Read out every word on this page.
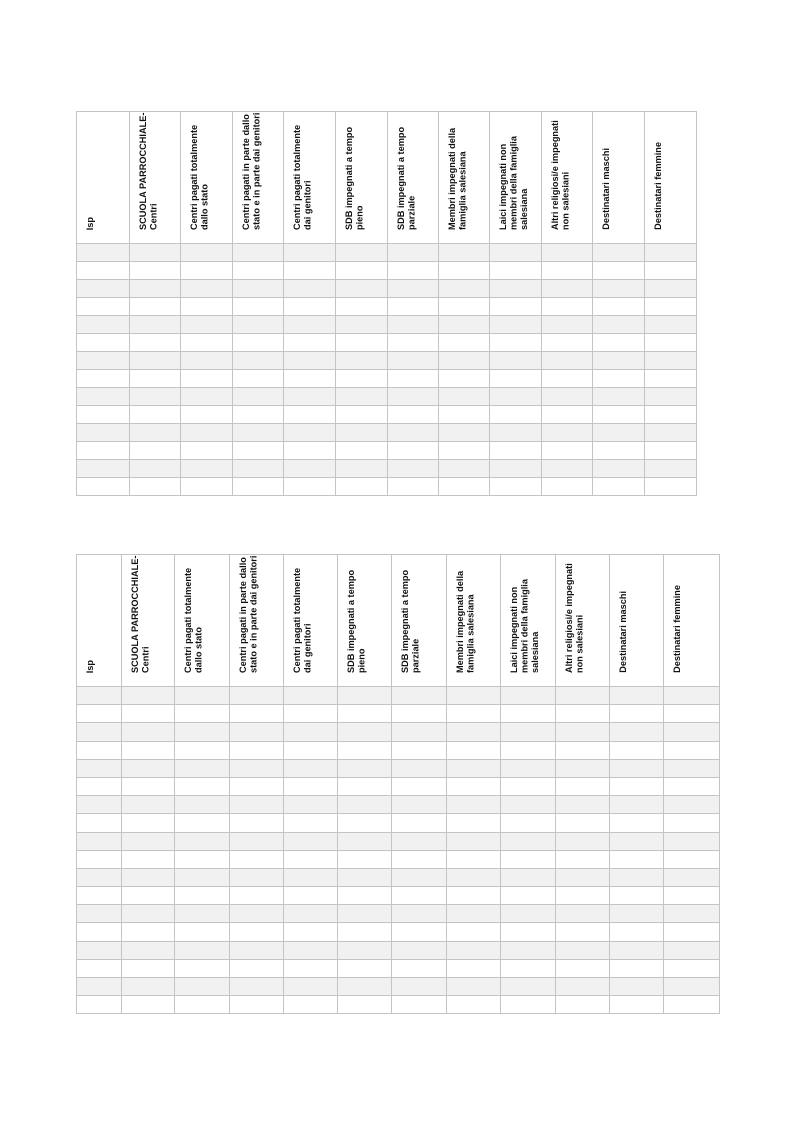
Isp	SCUOLA PARROCCHIALE- Centri	Centri pagati totalmente dallo stato	Centri pagati in parte dallo stato e in parte dai genitori	Centri pagati totalmente dai genitori	SDB impegnati a tempo pieno	SDB impegnati a tempo parziale	Membri impegnati della famiglia salesiana	Laici impegnati non membri della famiglia salesiana	Altri religiosi/e impegnati non salesiani	Destinatari maschi	Destinatari femmine

Isp	SCUOLA PARROCCHIALE- Centri	Centri pagati totalmente dallo stato	Centri pagati in parte dallo stato e in parte dai genitori	Centri pagati totalmente dai genitori	SDB impegnati a tempo pieno	SDB impegnati a tempo parziale	Membri impegnati della famiglia salesiana	Laici impegnati non membri della famiglia salesiana	Altri religiosi/e impegnati non salesiani	Destinatari maschi	Destinatari femmine
